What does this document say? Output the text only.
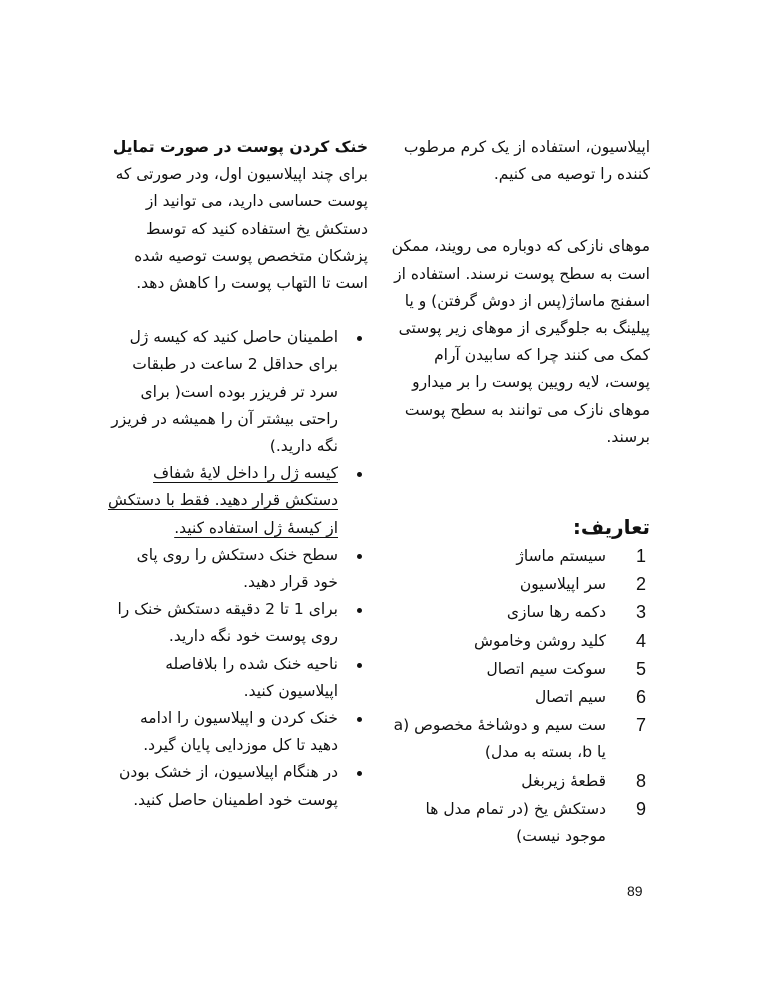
خنک کردن پوست در صورت تمایل

برای چند اپیلاسیون اول، ودر صورتی که پوست حساسی دارید، می توانید از دستکش یخ استفاده کنید که توسط پزشکان متخصص پوست توصیه شده است تا التهاب پوست را کاهش دهد.

اطمینان حاصل کنید که کیسه ژل برای حداقل 2 ساعت در طبقات سرد تر فریزر بوده است( برای راحتی بیشتر آن را همیشه در فریزر نگه دارید.)
کیسه ژل را داخل لایهٔ شفاف دستکش قرار دهید. فقط با دستکش از کیسهٔ ژل استفاده کنید.
سطح خنک دستکش را روی پای خود قرار دهید.
برای 1 تا 2 دقیقه دستکش خنک را روی پوست خود نگه دارید.
ناحیه خنک شده را بلافاصله اپیلاسیون کنید.
خنک کردن و اپیلاسیون را ادامه دهید تا کل موزدایی پایان گیرد.
در هنگام اپیلاسیون، از خشک بودن پوست خود اطمینان حاصل کنید.

اپیلاسیون، استفاده از یک کرم مرطوب کننده را توصیه می کنیم.

موهای نازکی که دوباره می رویند، ممکن است به سطح پوست نرسند. استفاده از اسفنج ماساژ(پس از دوش گرفتن) و یا پیلینگ به جلوگیری از موهای زیر پوستی کمک می کنند چرا که سابیدن آرام پوست، لایه رویین پوست را بر میدارو موهای نازک می توانند به سطح پوست برسند.

تعاریف:

1
سیستم ماساژ
2
سر اپیلاسیون
3
دکمه رها سازی
4
کلید روشن وخاموش
5
سوکت سیم اتصال
6
سیم اتصال
7
ست سیم و دوشاخهٔ مخصوص (a یا b، بسته به مدل)
8
قطعهٔ زیربغل
9
دستکش یخ (در تمام مدل ها موجود نیست)
89
